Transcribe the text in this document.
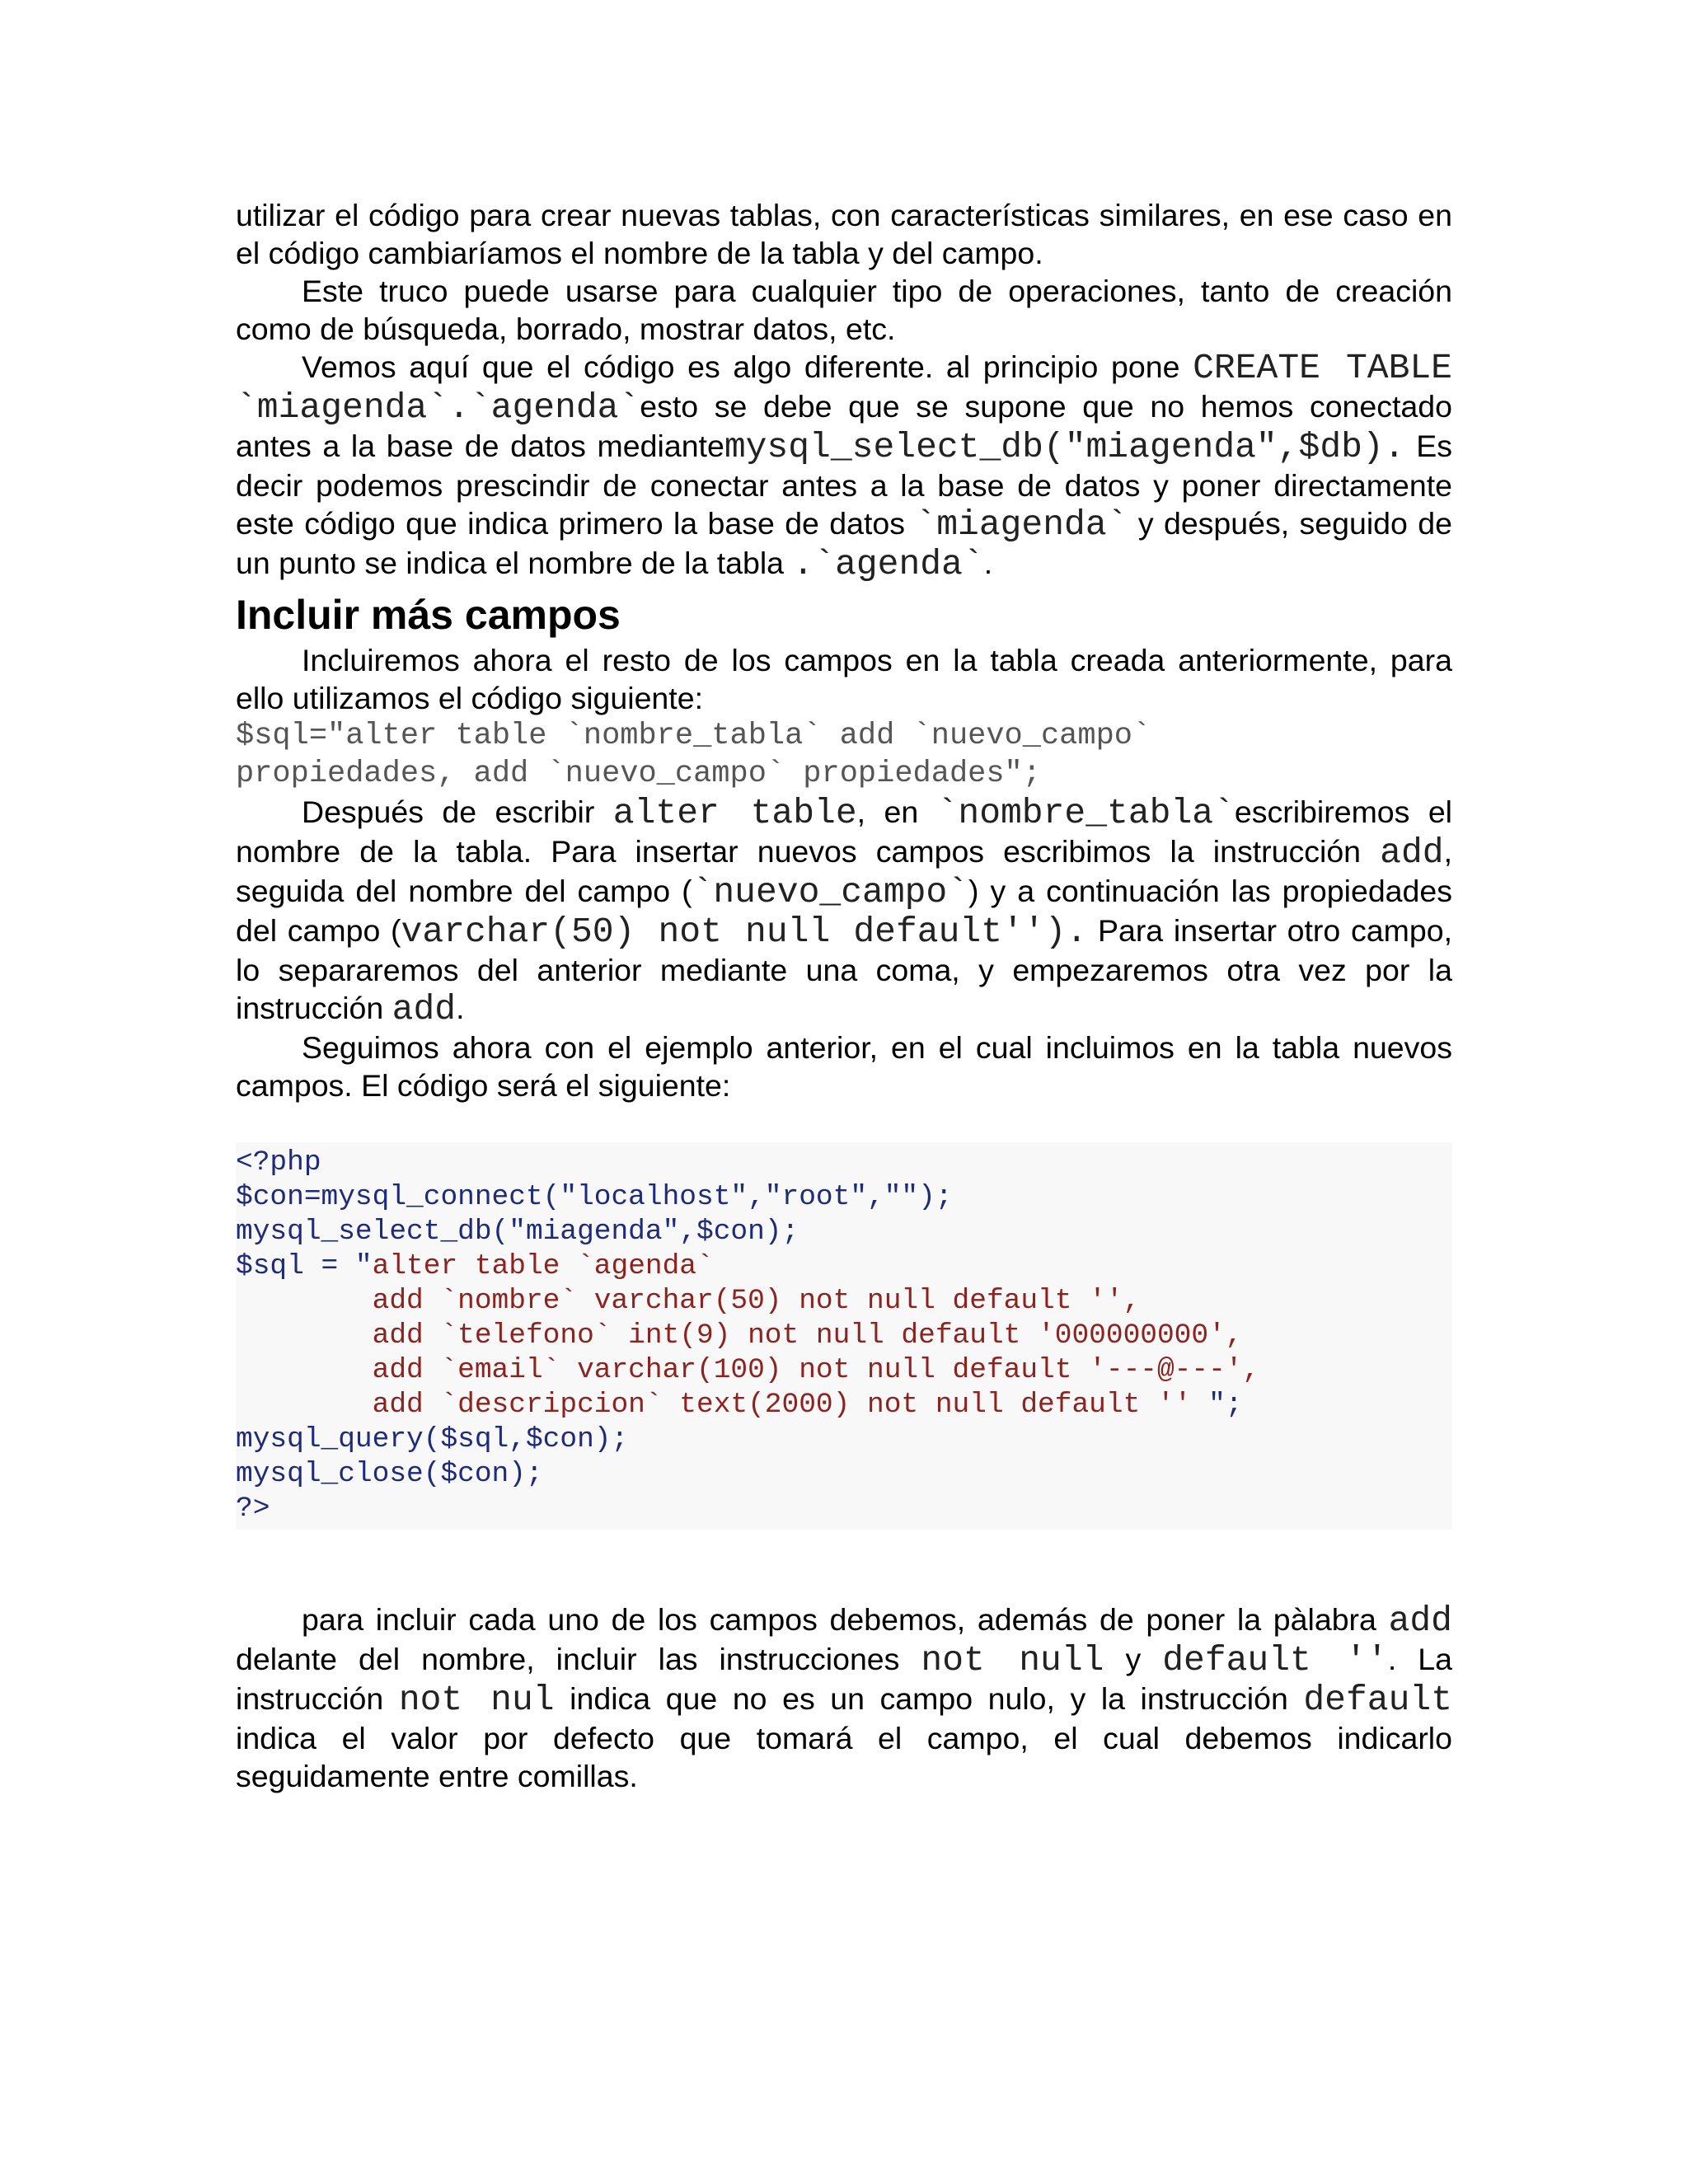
utilizar el código para crear nuevas tablas, con características similares, en ese caso en el código cambiaríamos el nombre de la tabla y del campo.

Este truco puede usarse para cualquier tipo de operaciones, tanto de creación como de búsqueda, borrado, mostrar datos, etc.

Vemos aquí que el código es algo diferente. al principio pone CREATE TABLE `miagenda`.`agenda`esto se debe que se supone que no hemos conectado antes a la base de datos mediantemysql_select_db("miagenda",$db). Es decir podemos prescindir de conectar antes a la base de datos y poner directamente este código que indica primero la base de datos `miagenda` y después, seguido de un punto se indica el nombre de la tabla .`agenda`.

Incluir más campos

Incluiremos ahora el resto de los campos en la tabla creada anteriormente, para ello utilizamos el código siguiente:

$sql="alter table `nombre_tabla` add `nuevo_campo`
propiedades, add `nuevo_campo` propiedades";

Después de escribir alter table, en `nombre_tabla`escribiremos el nombre de la tabla. Para insertar nuevos campos escribimos la instrucción add, seguida del nombre del campo (`nuevo_campo`) y a continuación las propiedades del campo (varchar(50) not null default''). Para insertar otro campo, lo separaremos del anterior mediante una coma, y empezaremos otra vez por la instrucción add.

Seguimos ahora con el ejemplo anterior, en el cual incluimos en la tabla nuevos campos. El código será el siguiente:

<?php
$con=mysql_connect("localhost","root","");
mysql_select_db("miagenda",$con);
$sql = "alter table `agenda`
add `nombre` varchar(50) not null default '',
add `telefono` int(9) not null default '000000000',
add `email` varchar(100) not null default '---@---',
add `descripcion` text(2000) not null default '' ";
mysql_query($sql,$con);
mysql_close($con);
?>

para incluir cada uno de los campos debemos, además de poner la pàlabra add delante del nombre, incluir las instrucciones not null y default ''. La instrucción not nul indica que no es un campo nulo, y la instrucción default indica el valor por defecto que tomará el campo, el cual debemos indicarlo seguidamente entre comillas.
